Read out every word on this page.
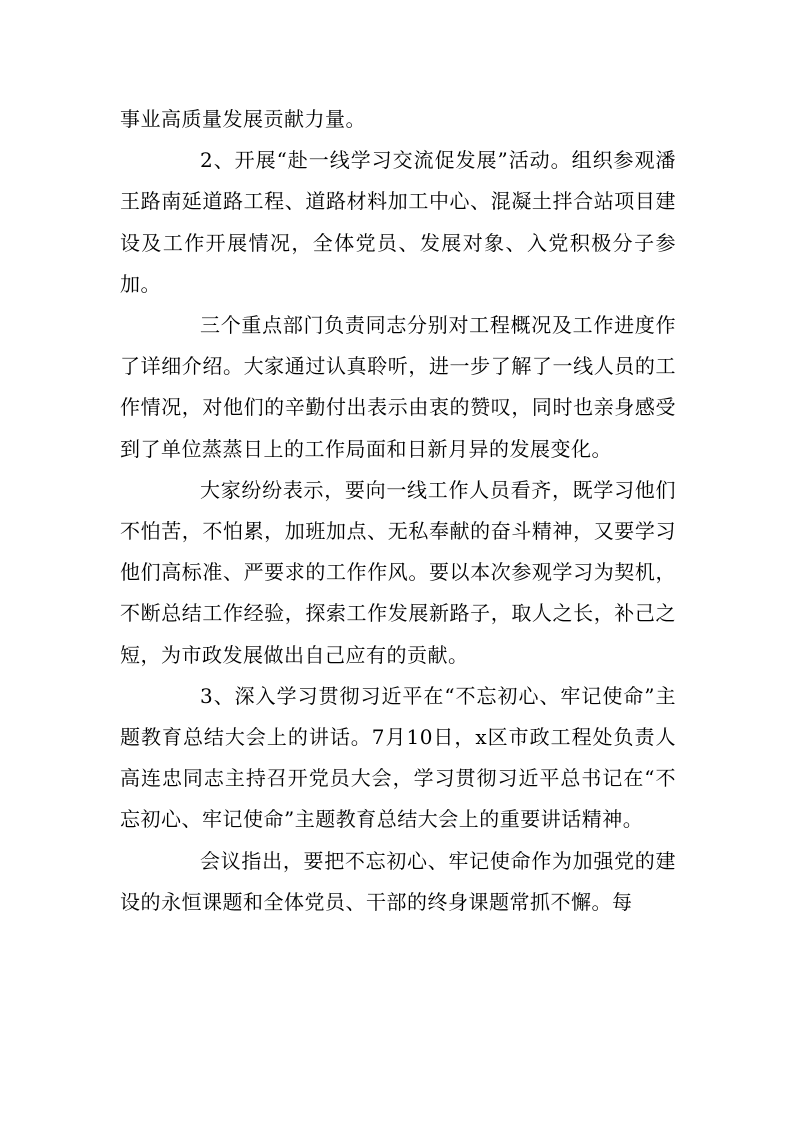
事业高质量发展贡献力量。

2、开展“赴一线学习交流促发展”活动。组织参观潘王路南延道路工程、道路材料加工中心、混凝土拌合站项目建设及工作开展情况，全体党员、发展对象、入党积极分子参加。

三个重点部门负责同志分别对工程概况及工作进度作了详细介绍。大家通过认真聆听，进一步了解了一线人员的工作情况，对他们的辛勤付出表示由衷的赞叹，同时也亲身感受到了单位蒸蒸日上的工作局面和日新月异的发展变化。

大家纷纷表示，要向一线工作人员看齐，既学习他们不怕苦，不怕累，加班加点、无私奉献的奋斗精神，又要学习他们高标准、严要求的工作作风。要以本次参观学习为契机，不断总结工作经验，探索工作发展新路子，取人之长，补己之短，为市政发展做出自己应有的贡献。

3、深入学习贯彻习近平在“不忘初心、牢记使命”主题教育总结大会上的讲话。7月10日，x区市政工程处负责人高连忠同志主持召开党员大会，学习贯彻习近平总书记在“不忘初心、牢记使命”主题教育总结大会上的重要讲话精神。

会议指出，要把不忘初心、牢记使命作为加强党的建设的永恒课题和全体党员、干部的终身课题常抓不懈。每
